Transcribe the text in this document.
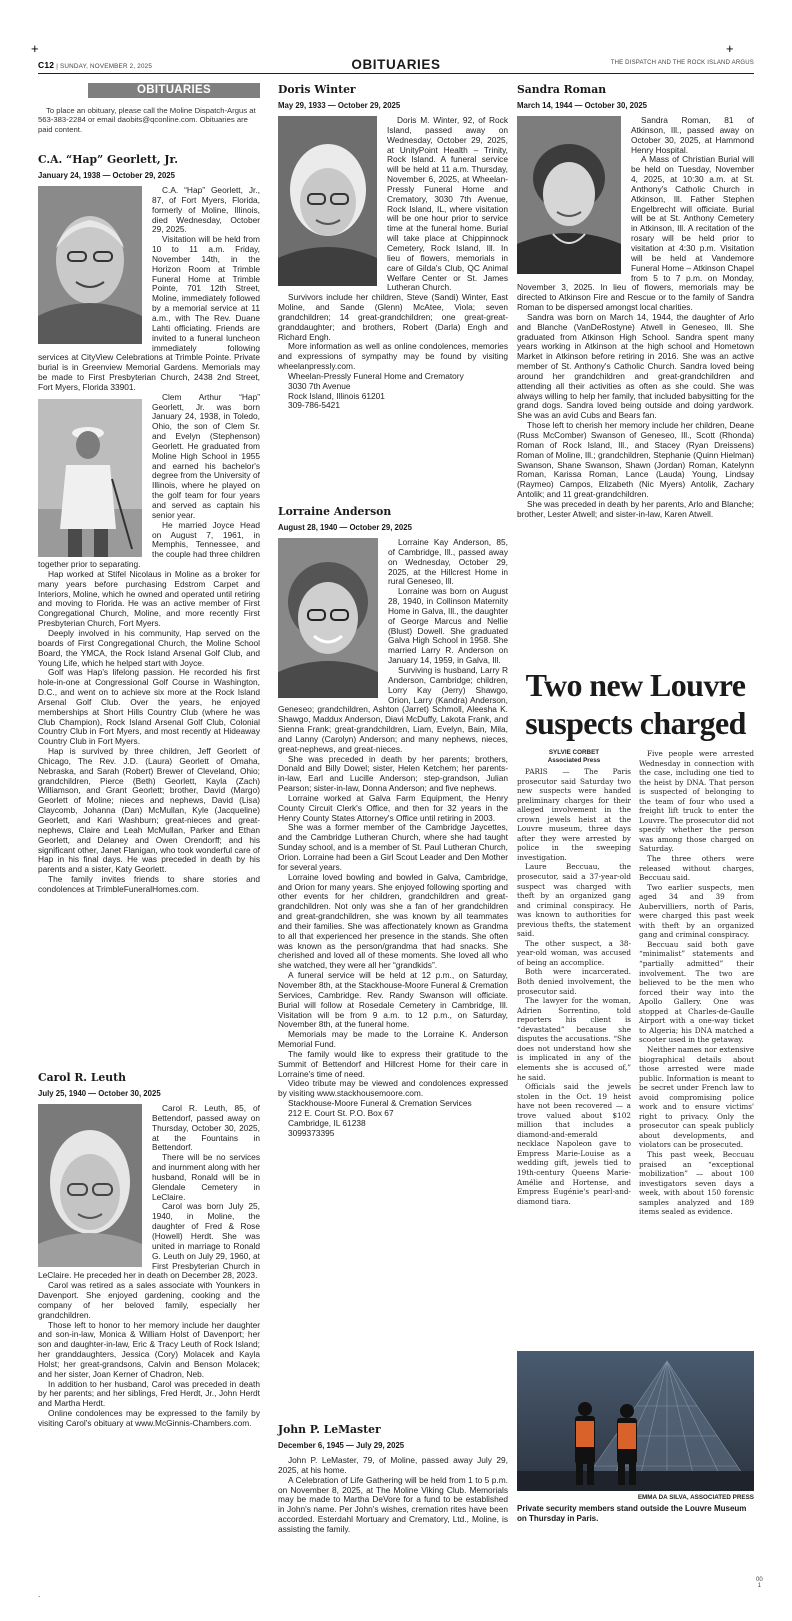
+	+
C12 | SUNDAY, NOVEMBER 2, 2025	OBITUARIES	THE DISPATCH AND THE ROCK ISLAND ARGUS
OBITUARIES

To place an obituary, please call the Moline Dispatch-Argus at 563-383-2284 or email daobits@qconline.com. Obituaries are paid content.

C.A. “Hap” Georlett, Jr.
January 24, 1938 — October 29, 2025

C.A. “Hap” Georlett, Jr., 87, of Fort Myers, Florida, formerly of Moline, Illinois, died Wednesday, October 29, 2025.

Visitation will be held from 10 to 11 a.m. Friday, November 14th, in the Horizon Room at Trimble Funeral Home at Trimble Pointe, 701 12th Street, Moline, immediately followed by a memorial service at 11 a.m., with The Rev. Duane Lahti officiating. Friends are invited to a funeral luncheon immediately following services at CityView Celebrations at Trimble Pointe. Private burial is in Greenview Memorial Gardens. Memorials may be made to First Presbyterian Church, 2438 2nd Street, Fort Myers, Florida 33901.

Clem Arthur “Hap” Georlett, Jr. was born January 24, 1938, in Toledo, Ohio, the son of Clem Sr. and Evelyn (Stephenson) Georlett. He graduated from Moline High School in 1955 and earned his bachelor's degree from the University of Illinois, where he played on the golf team for four years and served as captain his senior year.

He married Joyce Head on August 7, 1961, in Memphis, Tennessee, and the couple had three children together prior to separating.

Hap worked at Stifel Nicolaus in Moline as a broker for many years before purchasing Edstrom Carpet and Interiors, Moline, which he owned and operated until retiring and moving to Florida. He was an active member of First Congregational Church, Moline, and more recently First Presbyterian Church, Fort Myers.

Deeply involved in his community, Hap served on the boards of First Congregational Church, the Moline School Board, the YMCA, the Rock Island Arsenal Golf Club, and Young Life, which he helped start with Joyce.

Golf was Hap's lifelong passion. He recorded his first hole-in-one at Congressional Golf Course in Washington, D.C., and went on to achieve six more at the Rock Island Arsenal Golf Club. Over the years, he enjoyed memberships at Short Hills Country Club (where he was Club Champion), Rock Island Arsenal Golf Club, Colonial Country Club in Fort Myers, and most recently at Hideaway Country Club in Fort Myers.

Hap is survived by three children, Jeff Georlett of Chicago, The Rev. J.D. (Laura) Georlett of Omaha, Nebraska, and Sarah (Robert) Brewer of Cleveland, Ohio; grandchildren, Pierce (Beth) Georlett, Kayla (Zach) Williamson, and Grant Georlett; brother, David (Margo) Georlett of Moline; nieces and nephews, David (Lisa) Claycomb, Johanna (Dan) McMullan, Kyle (Jacqueline) Georlett, and Kari Washburn; great-nieces and great-nephews, Claire and Leah McMullan, Parker and Ethan Georlett, and Delaney and Owen Orendorff; and his significant other, Janet Flanigan, who took wonderful care of Hap in his final days. He was preceded in death by his parents and a sister, Katy Georlett.

The family invites friends to share stories and condolences at TrimbleFuneralHomes.com.

Carol R. Leuth
July 25, 1940 — October 30, 2025

Carol R. Leuth, 85, of Bettendorf, passed away on Thursday, October 30, 2025, at the Fountains in Bettendorf.

There will be no services and inurnment along with her husband, Ronald will be in Glendale Cemetery in LeClaire.

Carol was born July 25, 1940, in Moline, the daughter of Fred & Rose (Howell) Herdt. She was united in marriage to Ronald G. Leuth on July 29, 1960, at First Presbyterian Church in LeClaire. He preceded her in death on December 28, 2023.

Carol was retired as a sales associate with Younkers in Davenport. She enjoyed gardening, cooking and the company of her beloved family, especially her grandchildren.

Those left to honor to her memory include her daughter and son-in-law, Monica & William Holst of Davenport; her son and daughter-in-law, Eric & Tracy Leuth of Rock Island; her granddaughters, Jessica (Cory) Molacek and Kayla Holst; her great-grandsons, Calvin and Benson Molacek; and her sister, Joan Kerner of Chadron, Neb.

In addition to her husband, Carol was preceded in death by her parents; and her siblings, Fred Herdt, Jr., John Herdt and Martha Herdt.

Online condolences may be expressed to the family by visiting Carol's obituary at www.McGinnis-Chambers.com.

Doris Winter
May 29, 1933 — October 29, 2025

Doris M. Winter, 92, of Rock Island, passed away on Wednesday, October 29, 2025, at UnityPoint Health – Trinity, Rock Island. A funeral service will be held at 11 a.m. Thursday, November 6, 2025, at Wheelan-Pressly Funeral Home and Crematory, 3030 7th Avenue, Rock Island, IL, where visitation will be one hour prior to service time at the funeral home. Burial will take place at Chippinnock Cemetery, Rock Island, Ill. In lieu of flowers, memorials in care of Gilda's Club, QC Animal Welfare Center or St. James Lutheran Church.

Survivors include her children, Steve (Sandi) Winter, East Moline, and Sande (Glenn) McAtee, Viola; seven grandchildren; 14 great-grandchildren; one great-great-granddaughter; and brothers, Robert (Darla) Engh and Richard Engh.

More information as well as online condolences, memories and expressions of sympathy may be found by visiting wheelanpressly.com.

Wheelan-Pressly Funeral Home and Crematory

3030 7th Avenue

Rock Island, Illinois 61201

309-786-5421

Lorraine Anderson
August 28, 1940 — October 29, 2025

Lorraine Kay Anderson, 85, of Cambridge, Ill., passed away on Wednesday, October 29, 2025, at the Hillcrest Home in rural Geneseo, Ill.

Lorraine was born on August 28, 1940, in Collinson Maternity Home in Galva, Ill., the daughter of George Marcus and Nellie (Blust) Dowell. She graduated Galva High School in 1958. She married Larry R. Anderson on January 14, 1959, in Galva, Ill.

Surviving is husband, Larry R Anderson, Cambridge; children, Lorry Kay (Jerry) Shawgo, Orion, Larry (Kandra) Anderson, Geneseo; grandchildren, Ashton (Jarret) Schmoll, Aleesha K. Shawgo, Maddux Anderson, Diavi McDuffy, Lakota Frank, and Sienna Frank; great-grandchildren, Liam, Evelyn, Bain, Mila, and Lanny (Carolyn) Anderson; and many nephews, nieces, great-nephews, and great-nieces.

She was preceded in death by her parents; brothers, Donald and Billy Dowel; sister, Helen Ketchem; her parents-in-law, Earl and Lucille Anderson; step-grandson, Julian Pearson; sister-in-law, Donna Anderson; and five nephews.

Lorraine worked at Galva Farm Equipment, the Henry County Circuit Clerk's Office, and then for 32 years in the Henry County States Attorney's Office until retiring in 2003.

She was a former member of the Cambridge Jaycettes, and the Cambridge Lutheran Church, where she had taught Sunday school, and is a member of St. Paul Lutheran Church, Orion. Lorraine had been a Girl Scout Leader and Den Mother for several years.

Lorraine loved bowling and bowled in Galva, Cambridge, and Orion for many years. She enjoyed following sporting and other events for her children, grandchildren and great-grandchildren. Not only was she a fan of her grandchildren and great-grandchildren, she was known by all teammates and their families. She was affectionately known as Grandma to all that experienced her presence in the stands. She often was known as the person/grandma that had snacks. She cherished and loved all of these moments. She loved all who she watched, they were all her “grandkids”.

A funeral service will be held at 12 p.m., on Saturday, November 8th, at the Stackhouse-Moore Funeral & Cremation Services, Cambridge. Rev. Randy Swanson will officiate. Burial will follow at Rosedale Cemetery in Cambridge, Ill. Visitation will be from 9 a.m. to 12 p.m., on Saturday, November 8th, at the funeral home.

Memorials may be made to the Lorraine K. Anderson Memorial Fund.

The family would like to express their gratitude to the Summit of Bettendorf and Hillcrest Home for their care in Lorraine's time of need.

Video tribute may be viewed and condolences expressed by visiting www.stackhousemoore.com.

Stackhouse-Moore Funeral & Cremation Services

212 E. Court St. P.O. Box 67

Cambridge, IL 61238

3099373395

John P. LeMaster
December 6, 1945 — July 29, 2025

John P. LeMaster, 79, of Moline, passed away July 29, 2025, at his home.

A Celebration of Life Gathering will be held from 1 to 5 p.m. on November 8, 2025, at The Moline Viking Club. Memorials may be made to Martha DeVore for a fund to be established in John's name. Per John's wishes, cremation rites have been accorded. Esterdahl Mortuary and Crematory, Ltd., Moline, is assisting the family.

Sandra Roman
March 14, 1944 — October 30, 2025

Sandra Roman, 81 of Atkinson, Ill., passed away on October 30, 2025, at Hammond Henry Hospital.

A Mass of Christian Burial will be held on Tuesday, November 4, 2025, at 10:30 a.m. at St. Anthony's Catholic Church in Atkinson, Ill. Father Stephen Engelbrecht will officiate. Burial will be at St. Anthony Cemetery in Atkinson, Ill. A recitation of the rosary will be held prior to visitation at 4:30 p.m. Visitation will be held at Vandemore Funeral Home – Atkinson Chapel from 5 to 7 p.m. on Monday, November 3, 2025. In lieu of flowers, memorials may be directed to Atkinson Fire and Rescue or to the family of Sandra Roman to be dispersed amongst local charities.

Sandra was born on March 14, 1944, the daughter of Arlo and Blanche (VanDeRostyne) Atwell in Geneseo, Ill. She graduated from Atkinson High School. Sandra spent many years working in Atkinson at the high school and Hometown Market in Atkinson before retiring in 2016. She was an active member of St. Anthony's Catholic Church. Sandra loved being around her grandchildren and great-grandchildren and attending all their activities as often as she could. She was always willing to help her family, that included babysitting for the grand dogs. Sandra loved being outside and doing yardwork. She was an avid Cubs and Bears fan.

Those left to cherish her memory include her children, Deane (Russ McComber) Swanson of Geneseo, Ill., Scott (Rhonda) Roman of Rock Island, Ill., and Stacey (Ryan Dreissens) Roman of Moline, Ill.; grandchildren, Stephanie (Quinn Hielman) Swanson, Shane Swanson, Shawn (Jordan) Roman, Katelynn Roman, Karissa Roman, Lance (Lauda) Young, Lindsay (Raymeo) Campos, Elizabeth (Nic Myers) Antolik, Zachary Antolik; and 11 great-grandchildren.

She was preceded in death by her parents, Arlo and Blanche; brother, Lester Atwell; and sister-in-law, Karen Atwell.

Two new Louvre suspects charged
SYLVIE CORBET
Associated Press

PARIS — The Paris prosecutor said Saturday two new suspects were handed preliminary charges for their alleged involvement in the crown jewels heist at the Louvre museum, three days after they were arrested by police in the sweeping investigation.

Laure Beccuau, the prosecutor, said a 37-year-old suspect was charged with theft by an organized gang and criminal conspiracy. He was known to authorities for previous thefts, the statement said.

The other suspect, a 38-year-old woman, was accused of being an accomplice.

Both were incarcerated. Both denied involvement, the prosecutor said.

The lawyer for the woman, Adrien Sorrentino, told reporters his client is “devastated” because she disputes the accusations. “She does not understand how she is implicated in any of the elements she is accused of,” he said.

Officials said the jewels stolen in the Oct. 19 heist have not been recovered — a trove valued about $102 million that includes a diamond-and-emerald necklace Napoleon gave to Empress Marie-Louise as a wedding gift, jewels tied to 19th-century Queens Marie-Amélie and Hortense, and Empress Eugénie's pearl-and-diamond tiara.

Five people were arrested Wednesday in connection with the case, including one tied to the heist by DNA. That person is suspected of belonging to the team of four who used a freight lift truck to enter the Louvre. The prosecutor did not specify whether the person was among those charged on Saturday.

The three others were released without charges, Beccuau said.

Two earlier suspects, men aged 34 and 39 from Aubervilliers, north of Paris, were charged this past week with theft by an organized gang and criminal conspiracy.

Beccuau said both gave “minimalist” statements and “partially admitted” their involvement. The two are believed to be the men who forced their way into the Apollo Gallery. One was stopped at Charles-de-Gaulle Airport with a one-way ticket to Algeria; his DNA matched a scooter used in the getaway.

Neither names nor extensive biographical details about those arrested were made public. Information is meant to be secret under French law to avoid compromising police work and to ensure victims' right to privacy. Only the prosecutor can speak publicly about developments, and violators can be prosecuted.

This past week, Beccuau praised an “exceptional mobilization” — about 100 investigators seven days a week, with about 150 forensic samples analyzed and 189 items sealed as evidence.

EMMA DA SILVA, ASSOCIATED PRESS
Private security members stand outside the Louvre Museum on Thursday in Paris.
00
1
.
